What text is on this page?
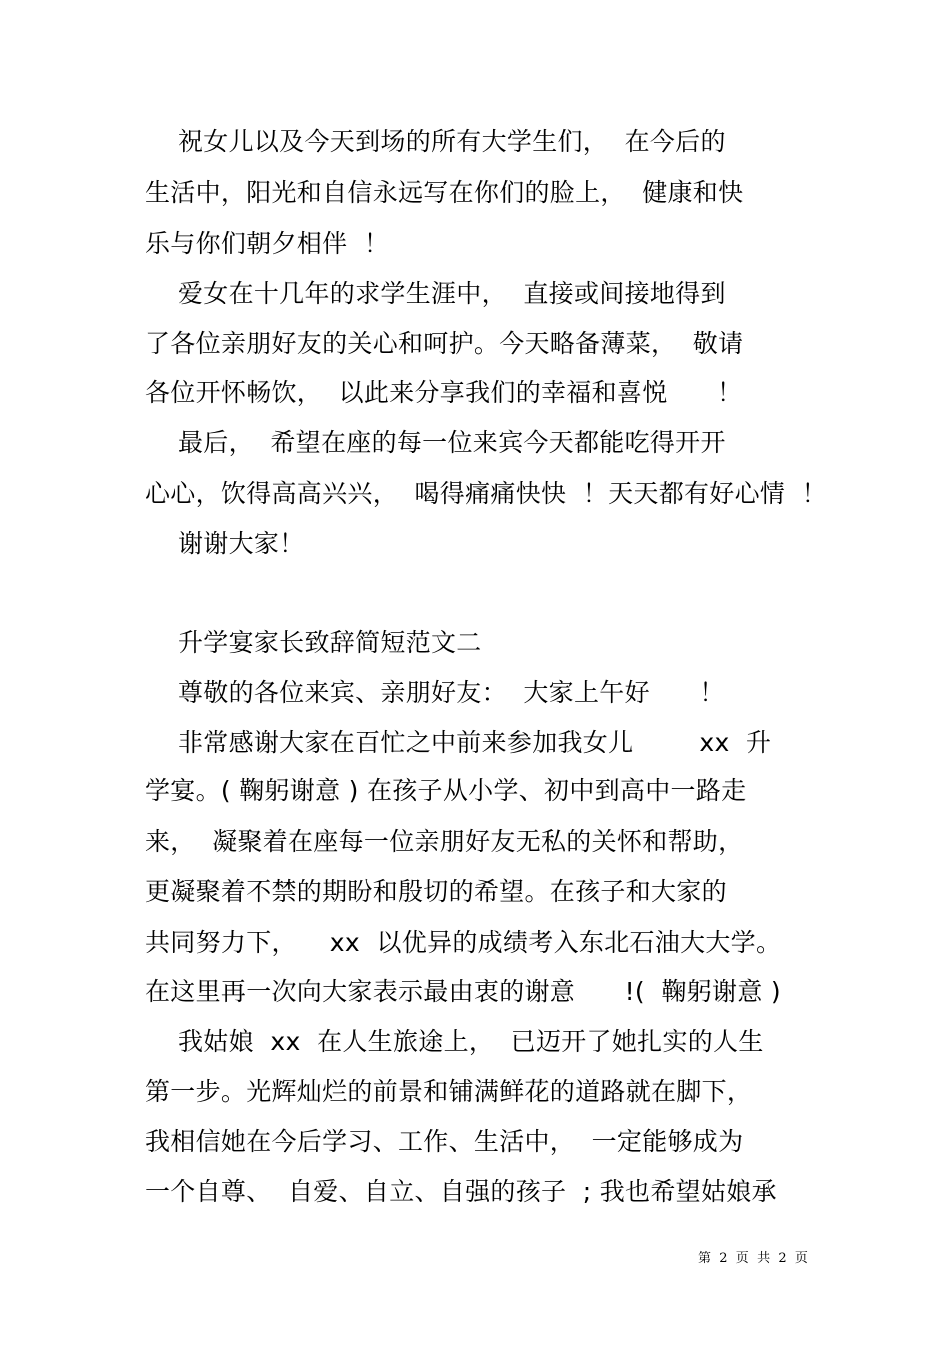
祝女儿以及今天到场的所有大学生们，  在今后的
生活中，阳光和自信永远写在你们的脸上，  健康和快
乐与你们朝夕相伴  ！
爱女在十几年的求学生涯中，  直接或间接地得到
了各位亲朋好友的关心和呵护。今天略备薄菜，  敬请
各位开怀畅饮，  以此来分享我们的幸福和喜悦      ！
最后，  希望在座的每一位来宾今天都能吃得开开
心心，饮得高高兴兴，  喝得痛痛快快  ！天天都有好心情  ！
谢谢大家！
升学宴家长致辞简短范文二
尊敬的各位来宾、亲朋好友：  大家上午好      ！
非常感谢大家在百忙之中前来参加我女儿        xx  升
学宴。( 鞠躬谢意 ) 在孩子从小学、初中到高中一路走
来，  凝聚着在座每一位亲朋好友无私的关怀和帮助，
更凝聚着不禁的期盼和殷切的希望。在孩子和大家的
共同努力下，    xx  以优异的成绩考入东北石油大大学。
在这里再一次向大家表示最由衷的谢意      !(  鞠躬谢意 )
我姑娘  xx  在人生旅途上，  已迈开了她扎实的人生
第一步。光辉灿烂的前景和铺满鲜花的道路就在脚下，
我相信她在今后学习、工作、生活中，  一定能够成为
一个自尊、  自爱、自立、自强的孩子  ; 我也希望姑娘承
第  2  页  共  2  页
